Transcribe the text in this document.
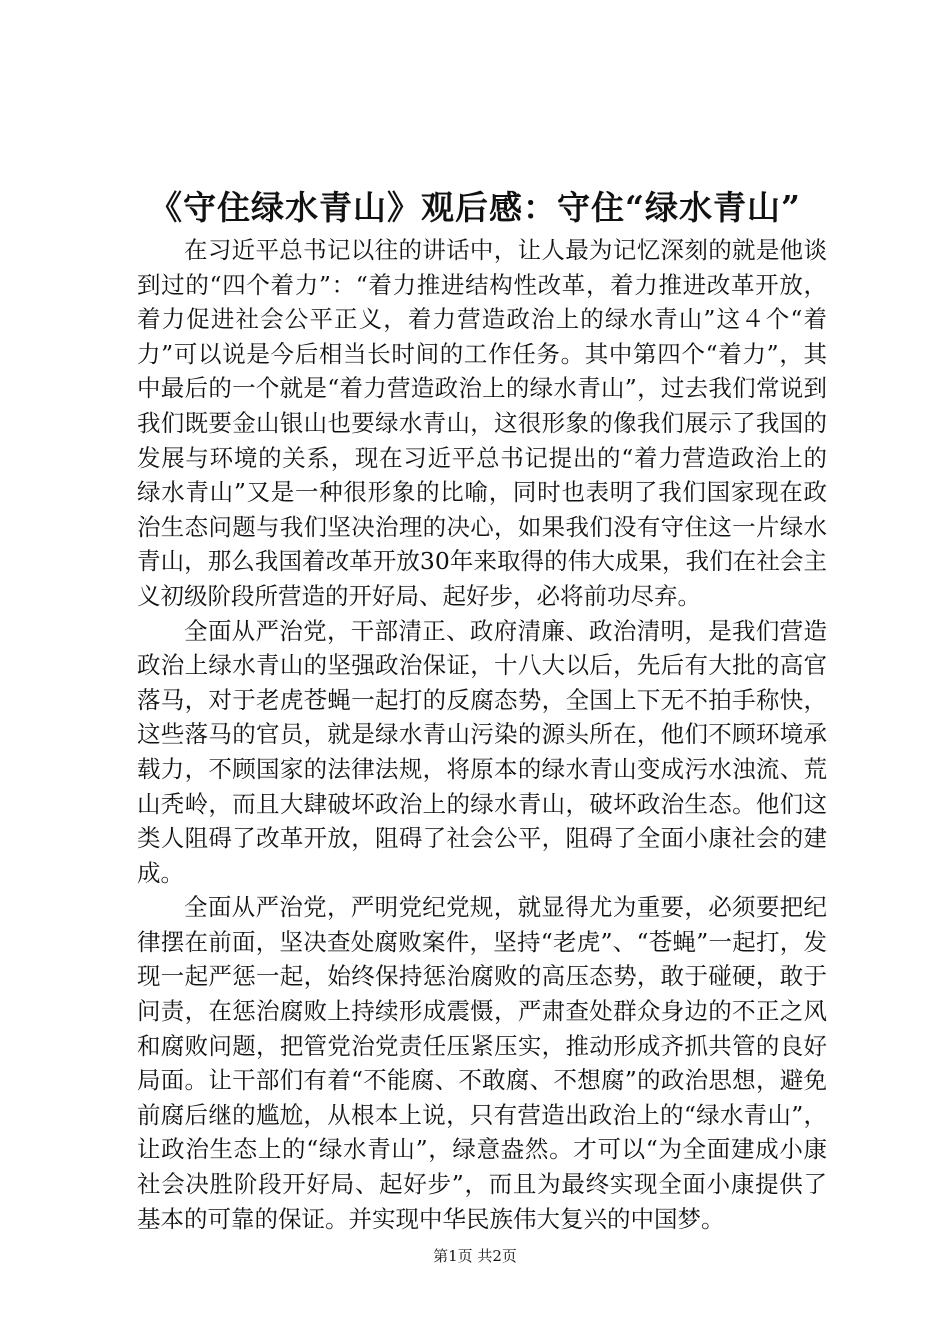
《守住绿水青山》观后感：守住“绿水青山”

在习近平总书记以往的讲话中，让人最为记忆深刻的就是他谈到过的“四个着力”：“着力推进结构性改革，着力推进改革开放，着力促进社会公平正义，着力营造政治上的绿水青山”这４个“着力”可以说是今后相当长时间的工作任务。其中第四个“着力”，其中最后的一个就是“着力营造政治上的绿水青山”，过去我们常说到我们既要金山银山也要绿水青山，这很形象的像我们展示了我国的发展与环境的关系，现在习近平总书记提出的“着力营造政治上的绿水青山”又是一种很形象的比喻，同时也表明了我们国家现在政治生态问题与我们坚决治理的决心，如果我们没有守住这一片绿水青山，那么我国着改革开放30年来取得的伟大成果，我们在社会主义初级阶段所营造的开好局、起好步，必将前功尽弃。

全面从严治党，干部清正、政府清廉、政治清明，是我们营造政治上绿水青山的坚强政治保证，十八大以后，先后有大批的高官落马，对于老虎苍蝇一起打的反腐态势，全国上下无不拍手称快，这些落马的官员，就是绿水青山污染的源头所在，他们不顾环境承载力，不顾国家的法律法规，将原本的绿水青山变成污水浊流、荒山秃岭，而且大肆破坏政治上的绿水青山，破坏政治生态。他们这类人阻碍了改革开放，阻碍了社会公平，阻碍了全面小康社会的建成。

全面从严治党，严明党纪党规，就显得尤为重要，必须要把纪律摆在前面，坚决查处腐败案件，坚持“老虎”、“苍蝇”一起打，发现一起严惩一起，始终保持惩治腐败的高压态势，敢于碰硬，敢于问责，在惩治腐败上持续形成震慑，严肃查处群众身边的不正之风和腐败问题，把管党治党责任压紧压实，推动形成齐抓共管的良好局面。让干部们有着“不能腐、不敢腐、不想腐”的政治思想，避免前腐后继的尴尬，从根本上说，只有营造出政治上的“绿水青山”，让政治生态上的“绿水青山”，绿意盎然。才可以“为全面建成小康社会决胜阶段开好局、起好步”，而且为最终实现全面小康提供了基本的可靠的保证。并实现中华民族伟大复兴的中国梦。

第1页 共2页
